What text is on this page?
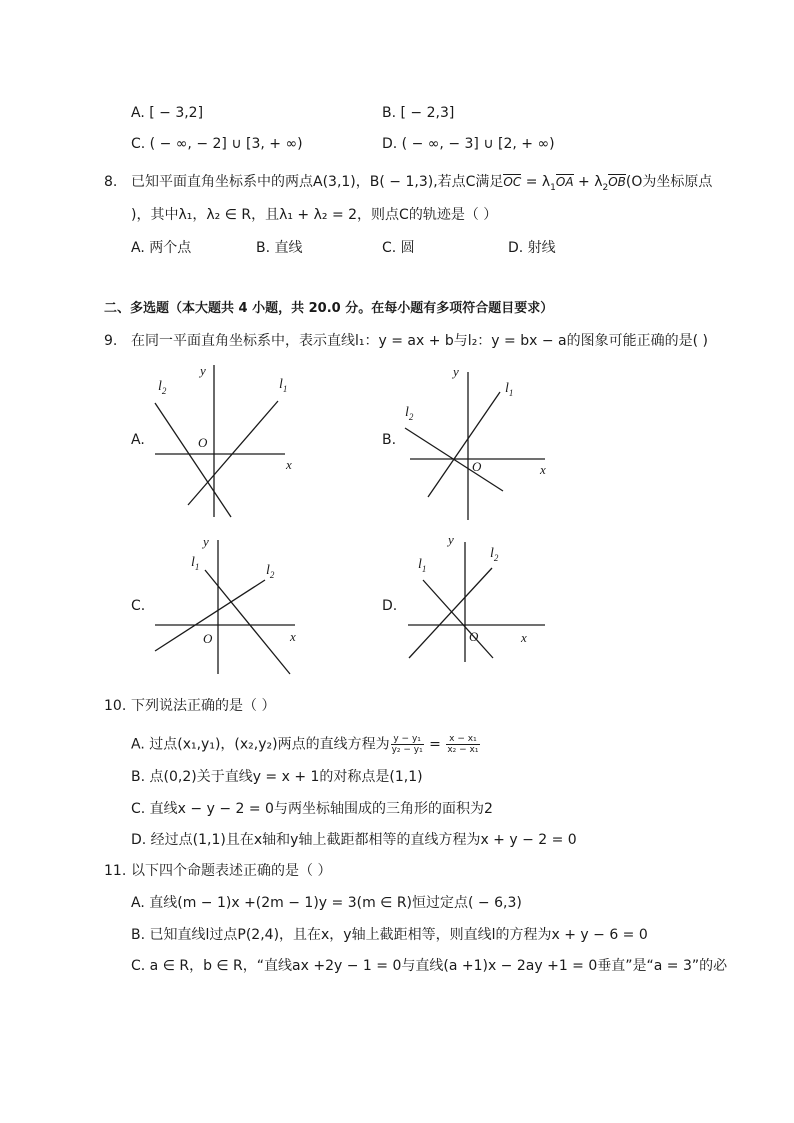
A. [ − 3,2]	B. [ − 2,3]
C. ( − ∞, − 2] ∪ [3, + ∞)	D. ( − ∞, − 3] ∪ [2, + ∞)
8. 已知平面直角坐标系中的两点A(3,1)，B( − 1,3),若点C满足OC = $\lambda_1OA + \lambda_2OB(O$为坐标原点
)，其中λ₁，λ₂ ∈ R，且λ₁ + λ₂ = 2，则点C的轨迹是（ ）
A. 两个点	B. 直线	C. 圆	D. 射线
二、多选题（本大题共 4 小题，共 20.0 分。在每小题有多项符合题目要求）
9. 在同一平面直角坐标系中，表示直线l₁：y = ax + b与l₂：y = bx − a的图象可能正确的是( )
A.	B.
C.	D.
y
x
O
$l_2$	$l_1$
y
x
O
$l_2$
$l_1$
y
x
O
$l_1$	$l_2$
y
x
O
$l_1$
$l_2$
10. 下列说法正确的是（ ）
A. 过点(x₁,y₁)，(x₂,y₂)两点的直线方程为 $\frac{\text{y − y₁}}{\text{y₂ − y₁}} = \frac{\text{x − x₁}}{\text{x₂ − x₁}}$
B. 点(0,2)关于直线y = x + 1的对称点是(1,1)
C. 直线x − y − 2 = 0与两坐标轴围成的三角形的面积为2
D. 经过点(1,1)且在x轴和y轴上截距都相等的直线方程为x + y − 2 = 0
11. 以下四个命题表述正确的是（ ）
A. 直线(m − 1)x +(2m − 1)y = 3(m ∈ R)恒过定点( − 6,3)
B. 已知直线l过点P(2,4)，且在x，y轴上截距相等，则直线l的方程为x + y − 6 = 0
C. a ∈ R，b ∈ R，“直线ax +2y − 1 = 0与直线(a +1)x − 2ay +1 = 0垂直”是“a = 3”的必
